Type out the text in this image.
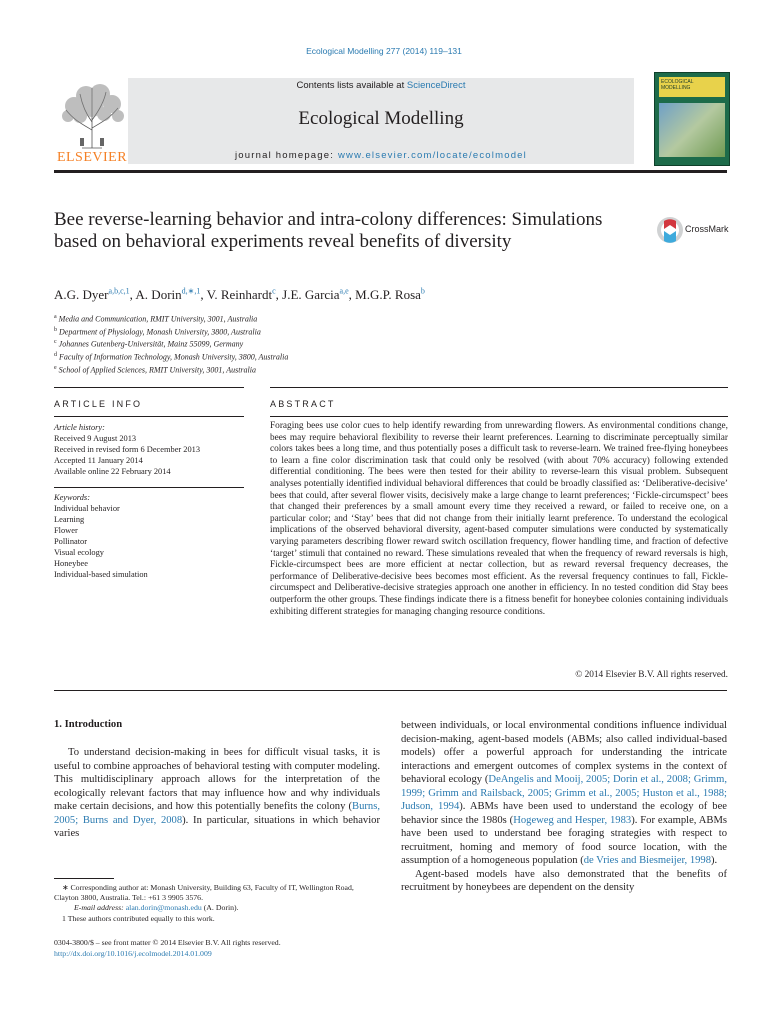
Ecological Modelling 277 (2014) 119–131
ELSEVIER
Contents lists available at ScienceDirect
Ecological Modelling
journal homepage: www.elsevier.com/locate/ecolmodel
ECOLOGICAL MODELLING
Bee reverse-learning behavior and intra-colony differences: Simulations based on behavioral experiments reveal benefits of diversity
CrossMark
A.G. Dyer$^{a,b,c,1}$, A. Dorin$^{d,∗,1}$, V. Reinhardt$^c$, J.E. Garcia$^{a,e}$, M.G.P. Rosa$^b$
$^a$ Media and Communication, RMIT University, 3001, Australia
$^b$ Department of Physiology, Monash University, 3800, Australia
$^c$ Johannes Gutenberg-Universität, Mainz 55099, Germany
$^d$ Faculty of Information Technology, Monash University, 3800, Australia
$^e$ School of Applied Sciences, RMIT University, 3001, Australia
ARTICLE INFO	ABSTRACT
Article history:
Received 9 August 2013
Received in revised form 6 December 2013
Accepted 11 January 2014
Available online 22 February 2014
Keywords:
Individual behavior
Learning
Flower
Pollinator
Visual ecology
Honeybee
Individual-based simulation
Foraging bees use color cues to help identify rewarding from unrewarding flowers. As environmental conditions change, bees may require behavioral flexibility to reverse their learnt preferences. Learning to discriminate perceptually similar colors takes bees a long time, and thus potentially poses a difficult task to reverse-learn. We trained free-flying honeybees to learn a fine color discrimination task that could only be resolved (with about 70% accuracy) following extended differential conditioning. The bees were then tested for their ability to reverse-learn this visual problem. Subsequent analyses potentially identified individual behavioral differences that could be broadly classified as: ‘Deliberative-decisive’ bees that could, after several flower visits, decisively make a large change to learnt preferences; ‘Fickle-circumspect’ bees that changed their preferences by a small amount every time they received a reward, or failed to receive one, on a particular color; and ‘Stay’ bees that did not change from their initially learnt preference. To understand the ecological implications of the observed behavioral diversity, agent-based computer simulations were conducted by systematically varying parameters describing flower reward switch oscillation frequency, flower handling time, and fraction of defective ‘target’ stimuli that contained no reward. These simulations revealed that when the frequency of reward reversals is high, Fickle-circumspect bees are more efficient at nectar collection, but as reward reversal frequency decreases, the performance of Deliberative-decisive bees becomes most efficient. As the reversal frequency continues to fall, Fickle-circumspect and Deliberative-decisive strategies approach one another in efficiency. In no tested condition did Stay bees outperform the other groups. These findings indicate there is a fitness benefit for honeybee colonies containing individuals exhibiting different strategies for managing changing resource conditions.
© 2014 Elsevier B.V. All rights reserved.
1. Introduction

To understand decision-making in bees for difficult visual tasks, it is useful to combine approaches of behavioral testing with computer modeling. This multidisciplinary approach allows for the interpretation of the ecologically relevant factors that may influence how and why individuals make certain decisions, and how this potentially benefits the colony (Burns, 2005; Burns and Dyer, 2008). In particular, situations in which behavior varies

between individuals, or local environmental conditions influence individual decision-making, agent-based models (ABMs; also called individual-based models) offer a powerful approach for understanding the intricate interactions and emergent outcomes of complex systems in the context of behavioral ecology (DeAngelis and Mooij, 2005; Dorin et al., 2008; Grimm, 1999; Grimm and Railsback, 2005; Grimm et al., 2005; Huston et al., 1988; Judson, 1994). ABMs have been used to understand the ecology of bee behavior since the 1980s (Hogeweg and Hesper, 1983). For example, ABMs have been used to understand bee foraging strategies with respect to recruitment, homing and memory of food source location, with the assumption of a homogeneous population (de Vries and Biesmeijer, 1998).

Agent-based models have also demonstrated that the benefits of recruitment by honeybees are dependent on the density

∗ Corresponding author at: Monash University, Building 63, Faculty of IT, Wellington Road, Clayton 3800, Australia. Tel.: +61 3 9905 3576.
E-mail address: alan.dorin@monash.edu (A. Dorin).
1 These authors contributed equally to this work.
0304-3800/$ – see front matter © 2014 Elsevier B.V. All rights reserved.
http://dx.doi.org/10.1016/j.ecolmodel.2014.01.009
